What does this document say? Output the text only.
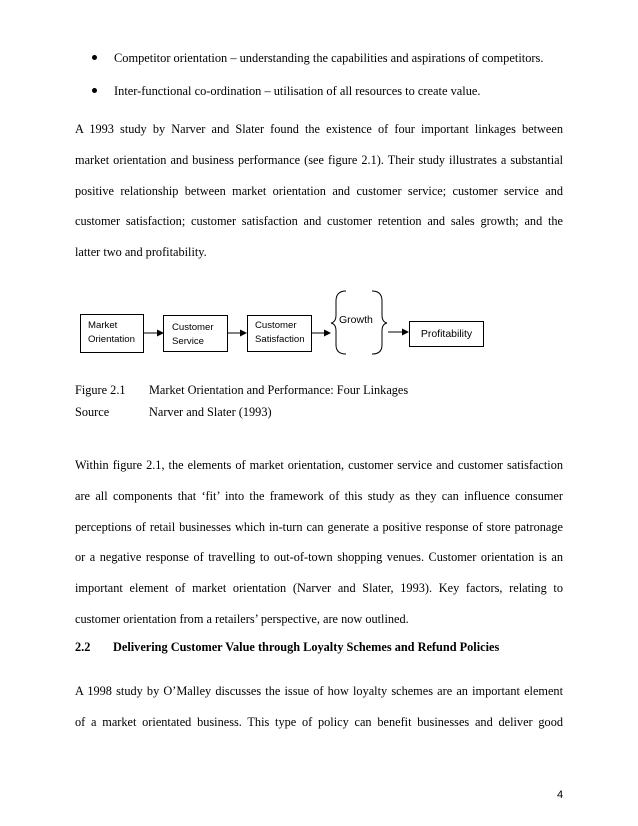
Competitor orientation – understanding the capabilities and aspirations of competitors.
Inter-functional co-ordination – utilisation of all resources to create value.

A 1993 study by Narver and Slater found the existence of four important linkages between
market orientation and business performance (see figure 2.1). Their study illustrates a substantial
positive relationship between market orientation and customer service; customer service and
customer satisfaction; customer satisfaction and customer retention and sales growth; and the
latter two and profitability.

Market
Orientation
Customer
Service
Customer
Satisfaction
Growth
Profitability
Figure 2.1 Market Orientation and Performance: Four Linkages
Source	Narver and Slater (1993)

Within figure 2.1, the elements of market orientation, customer service and customer satisfaction
are all components that ‘fit’ into the framework of this study as they can influence consumer
perceptions of retail businesses which in-turn can generate a positive response of store patronage
or a negative response of travelling to out-of-town shopping venues. Customer orientation is an
important element of market orientation (Narver and Slater, 1993). Key factors, relating to
customer orientation from a retailers’ perspective, are now outlined.

2.2 Delivering Customer Value through Loyalty Schemes and Refund Policies

A 1998 study by O’Malley discusses the issue of how loyalty schemes are an important element
of a market orientated business. This type of policy can benefit businesses and deliver good

4
